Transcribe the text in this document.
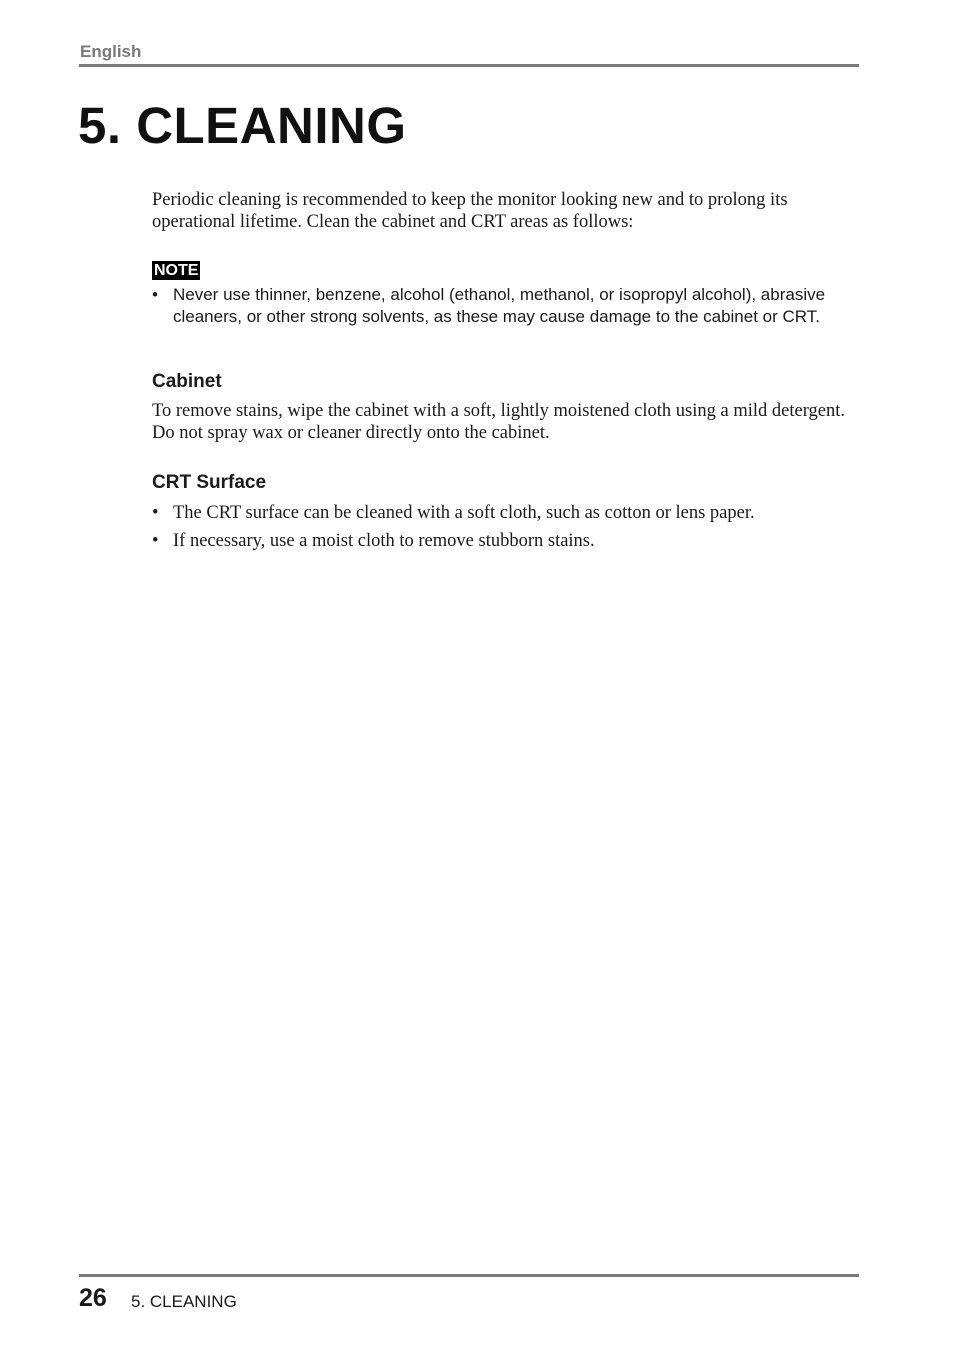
English
5. CLEANING

Periodic cleaning is recommended to keep the monitor looking new and to prolong its operational lifetime. Clean the cabinet and CRT areas as follows:

NOTE
• Never use thinner, benzene, alcohol (ethanol, methanol, or isopropyl alcohol), abrasive cleaners, or other strong solvents, as these may cause damage to the cabinet or CRT.
Cabinet

To remove stains, wipe the cabinet with a soft, lightly moistened cloth using a mild detergent. Do not spray wax or cleaner directly onto the cabinet.

CRT Surface
• The CRT surface can be cleaned with a soft cloth, such as cotton or lens paper.
• If necessary, use a moist cloth to remove stubborn stains.
26 5. CLEANING
